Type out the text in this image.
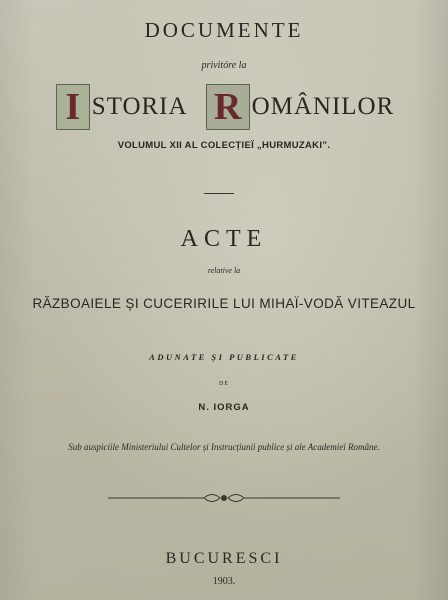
DOCUMENTE
privitóre la
I STORIA R OMÂNILOR
VOLUMUL XII AL COLECȚIEÏ „HURMUZAKI”.
ACTE
relative la
RĂZBOAIELE ȘI CUCERIRILE LUI MIHAÏ-VODĂ VITEAZUL
ADUNATE ȘI PUBLICATE
DE
N. IORGA
Sub auspiciile Ministeriului Cultelor și Instrucțiunii publice și ale Academieï Române.
BUCURESCI
1903.
